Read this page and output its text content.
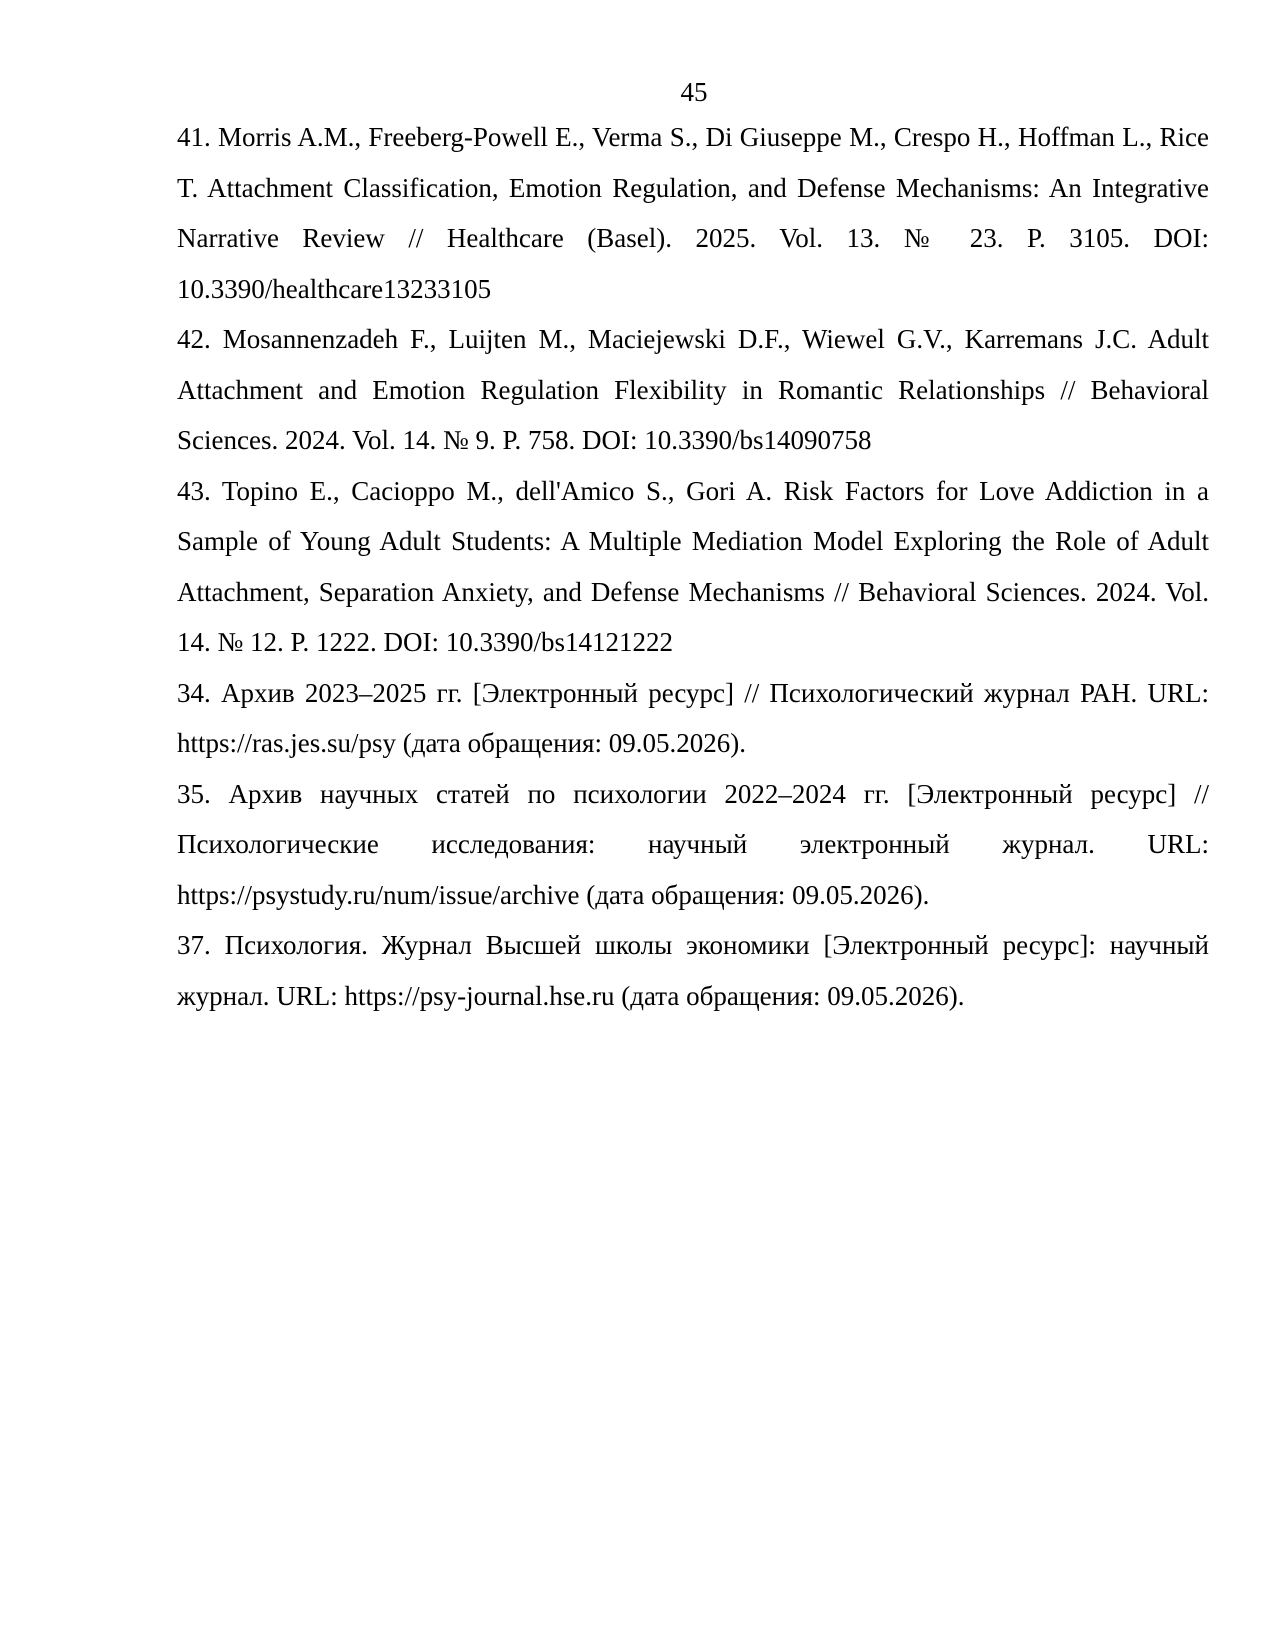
45

41. Morris A.M., Freeberg-Powell E., Verma S., Di Giuseppe M., Crespo H., Hoffman L., Rice T. Attachment Classification, Emotion Regulation, and Defense Mechanisms: An Integrative Narrative Review // Healthcare (Basel). 2025. Vol. 13. № 23. P. 3105. DOI: 10.3390/healthcare13233105

42. Mosannenzadeh F., Luijten M., Maciejewski D.F., Wiewel G.V., Karremans J.C. Adult Attachment and Emotion Regulation Flexibility in Romantic Relationships // Behavioral Sciences. 2024. Vol. 14. № 9. P. 758. DOI: 10.3390/bs14090758

43. Topino E., Cacioppo M., dell'Amico S., Gori A. Risk Factors for Love Addiction in a Sample of Young Adult Students: A Multiple Mediation Model Exploring the Role of Adult Attachment, Separation Anxiety, and Defense Mechanisms // Behavioral Sciences. 2024. Vol. 14. № 12. P. 1222. DOI: 10.3390/bs14121222

34. Архив 2023–2025 гг. [Электронный ресурс] // Психологический журнал РАН. URL: https://ras.jes.su/psy (дата обращения: 09.05.2026).

35. Архив научных статей по психологии 2022–2024 гг. [Электронный ресурс] // Психологические исследования: научный электронный журнал. URL: https://psystudy.ru/num/issue/archive (дата обращения: 09.05.2026).

37. Психология. Журнал Высшей школы экономики [Электронный ресурс]: научный журнал. URL: https://psy-journal.hse.ru (дата обращения: 09.05.2026).
